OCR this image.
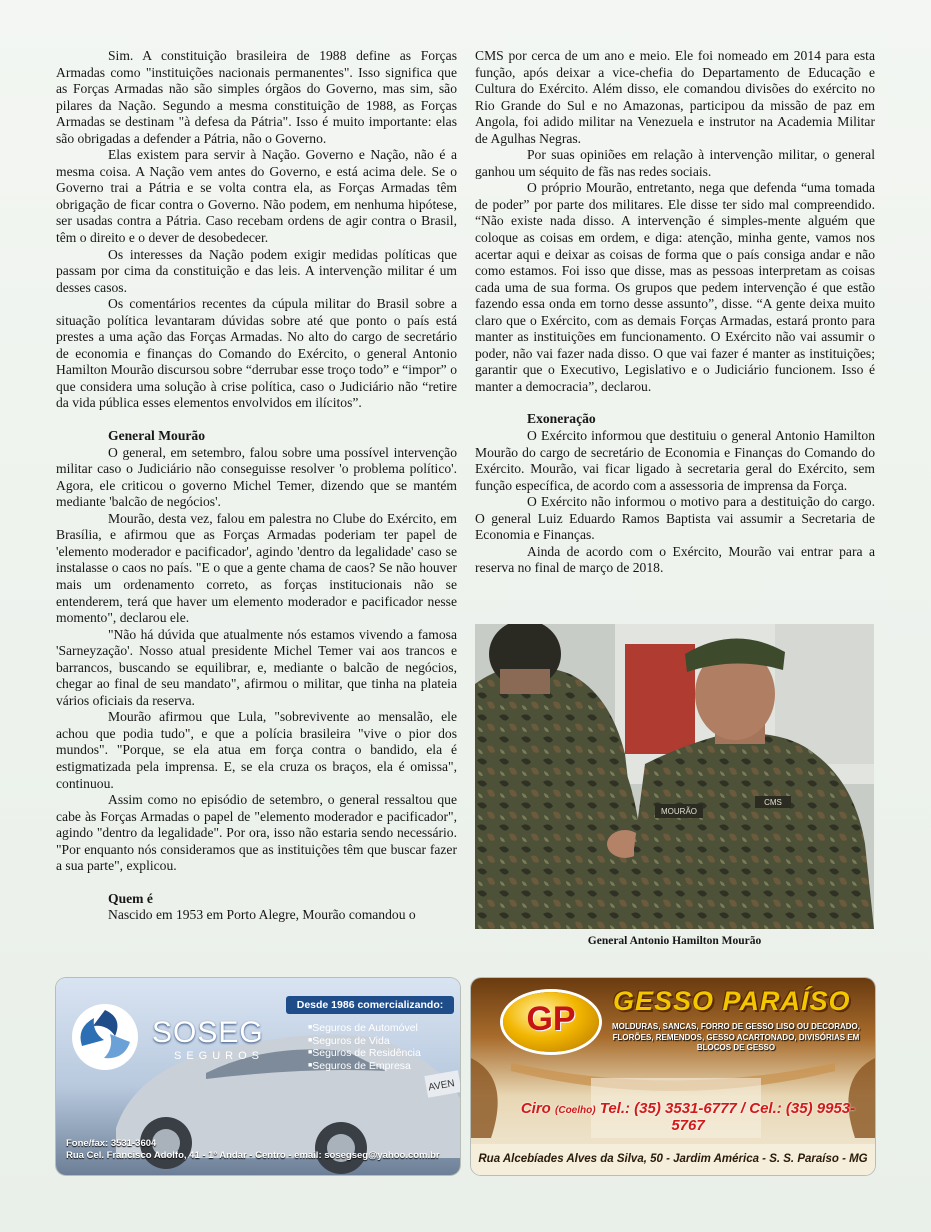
Sim. A constituição brasileira de 1988 define as Forças Armadas como "instituições nacionais permanentes". Isso significa que as Forças Armadas não são simples órgãos do Governo, mas sim, são pilares da Nação. Segundo a mesma constituição de 1988, as Forças Armadas se destinam "à defesa da Pátria". Isso é muito importante: elas são obrigadas a defender a Pátria, não o Governo.

Elas existem para servir à Nação. Governo e Nação, não é a mesma coisa. A Nação vem antes do Governo, e está acima dele. Se o Governo trai a Pátria e se volta contra ela, as Forças Armadas têm obrigação de ficar contra o Governo. Não podem, em nenhuma hipótese, ser usadas contra a Pátria. Caso recebam ordens de agir contra o Brasil, têm o direito e o dever de desobedecer.

Os interesses da Nação podem exigir medidas políticas que passam por cima da constituição e das leis. A intervenção militar é um desses casos.

Os comentários recentes da cúpula militar do Brasil sobre a situação política levantaram dúvidas sobre até que ponto o país está prestes a uma ação das Forças Armadas. No alto do cargo de secretário de economia e finanças do Comando do Exército, o general Antonio Hamilton Mourão discursou sobre “derrubar esse troço todo” e “impor” o que considera uma solução à crise política, caso o Judiciário não “retire da vida pública esses elementos envolvidos em ilícitos”.

General Mourão

O general, em setembro, falou sobre uma possível intervenção militar caso o Judiciário não conseguisse resolver 'o problema político'. Agora, ele criticou o governo Michel Temer, dizendo que se mantém mediante 'balcão de negócios'.

Mourão, desta vez, falou em palestra no Clube do Exército, em Brasília, e afirmou que as Forças Armadas poderiam ter papel de 'elemento moderador e pacificador', agindo 'dentro da legalidade' caso se instalasse o caos no país. "E o que a gente chama de caos? Se não houver mais um ordenamento correto, as forças institucionais não se entenderem, terá que haver um elemento moderador e pacificador nesse momento", declarou ele.

"Não há dúvida que atualmente nós estamos vivendo a famosa 'Sarneyzação'. Nosso atual presidente Michel Temer vai aos trancos e barrancos, buscando se equilibrar, e, mediante o balcão de negócios, chegar ao final de seu mandato", afirmou o militar, que tinha na plateia vários oficiais da reserva.

Mourão afirmou que Lula, "sobrevivente ao mensalão, ele achou que podia tudo", e que a polícia brasileira "vive o pior dos mundos". "Porque, se ela atua em força contra o bandido, ela é estigmatizada pela imprensa. E, se ela cruza os braços, ela é omissa", continuou.

Assim como no episódio de setembro, o general ressaltou que cabe às Forças Armadas o papel de "elemento moderador e pacificador", agindo "dentro da legalidade". Por ora, isso não estaria sendo necessário. "Por enquanto nós consideramos que as instituições têm que buscar fazer a sua parte", explicou.

Quem é

Nascido em 1953 em Porto Alegre, Mourão comandou o

CMS por cerca de um ano e meio. Ele foi nomeado em 2014 para esta função, após deixar a vice-chefia do Departamento de Educação e Cultura do Exército. Além disso, ele comandou divisões do exército no Rio Grande do Sul e no Amazonas, participou da missão de paz em Angola, foi adido militar na Venezuela e instrutor na Academia Militar de Agulhas Negras.

Por suas opiniões em relação à intervenção militar, o general ganhou um séquito de fãs nas redes sociais.

O próprio Mourão, entretanto, nega que defenda “uma tomada de poder” por parte dos militares. Ele disse ter sido mal compreendido. “Não existe nada disso. A intervenção é simples-mente alguém que coloque as coisas em ordem, e diga: atenção, minha gente, vamos nos acertar aqui e deixar as coisas de forma que o país consiga andar e não como estamos. Foi isso que disse, mas as pessoas interpretam as coisas cada uma de sua forma. Os grupos que pedem intervenção é que estão fazendo essa onda em torno desse assunto”, disse. “A gente deixa muito claro que o Exército, com as demais Forças Armadas, estará pronto para manter as instituições em funcionamento. O Exército não vai assumir o poder, não vai fazer nada disso. O que vai fazer é manter as instituições; garantir que o Executivo, Legislativo e o Judiciário funcionem. Isso é manter a democracia”, declarou.

Exoneração

O Exército informou que destituiu o general Antonio Hamilton Mourão do cargo de secretário de Economia e Finanças do Comando do Exército. Mourão, vai ficar ligado à secretaria geral do Exército, sem função específica, de acordo com a assessoria de imprensa da Força.

O Exército não informou o motivo para a destituição do cargo. O general Luiz Eduardo Ramos Baptista vai assumir a Secretaria de Economia e Finanças.

Ainda de acordo com o Exército, Mourão vai entrar para a reserva no final de março de 2018.

MOURÃO
CMS
General Antonio Hamilton Mourão
AVEN
SOSEG
SEGUROS
Desde 1986 comercializando:
■ Seguros de Automóvel
■ Seguros de Vida
■ Seguros de Residência
■ Seguros de Empresa
Fone/fax: 3531-3604
Rua Cel. Francisco Adolfo, 41 - 1º Andar - Centro - email: sosegseg@yahoo.com.br
GP	GESSO PARAÍSO
MOLDURAS, SANCAS, FORRO DE GESSO LISO OU DECORADO, FLORÕES, REMENDOS, GESSO ACARTONADO, DIVISÓRIAS EM BLOCOS DE GESSO
Ciro (Coelho) Tel.: (35) 3531-6777 / Cel.: (35) 9953-5767
Rua Alcebíades Alves da Silva, 50 - Jardim América - S. S. Paraíso - MG
